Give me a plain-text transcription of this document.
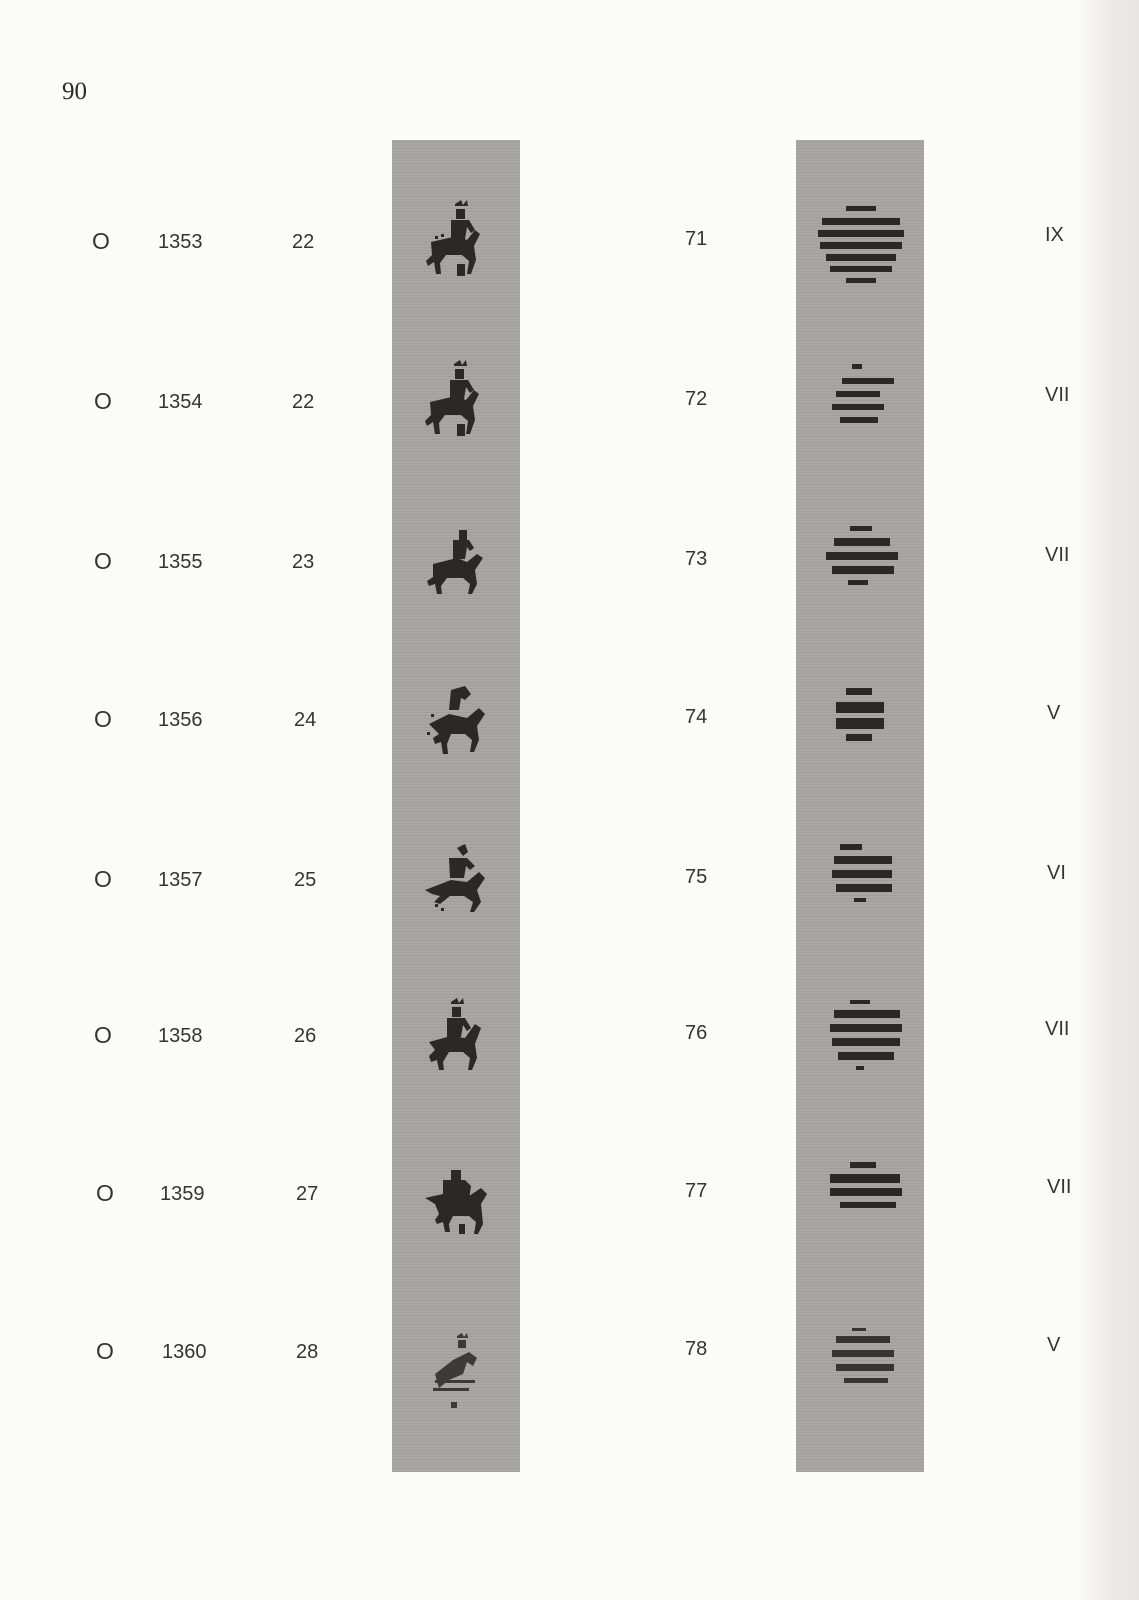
90
O 1353	22	71	IX
O 1354	22	72	VII
O 1355	23	73	VII
O 1356	24	74	V
O 1357	25	75	VI
O 1358	26	76	VII
O 1359	27	77	VII
O 1360	28	78	V
